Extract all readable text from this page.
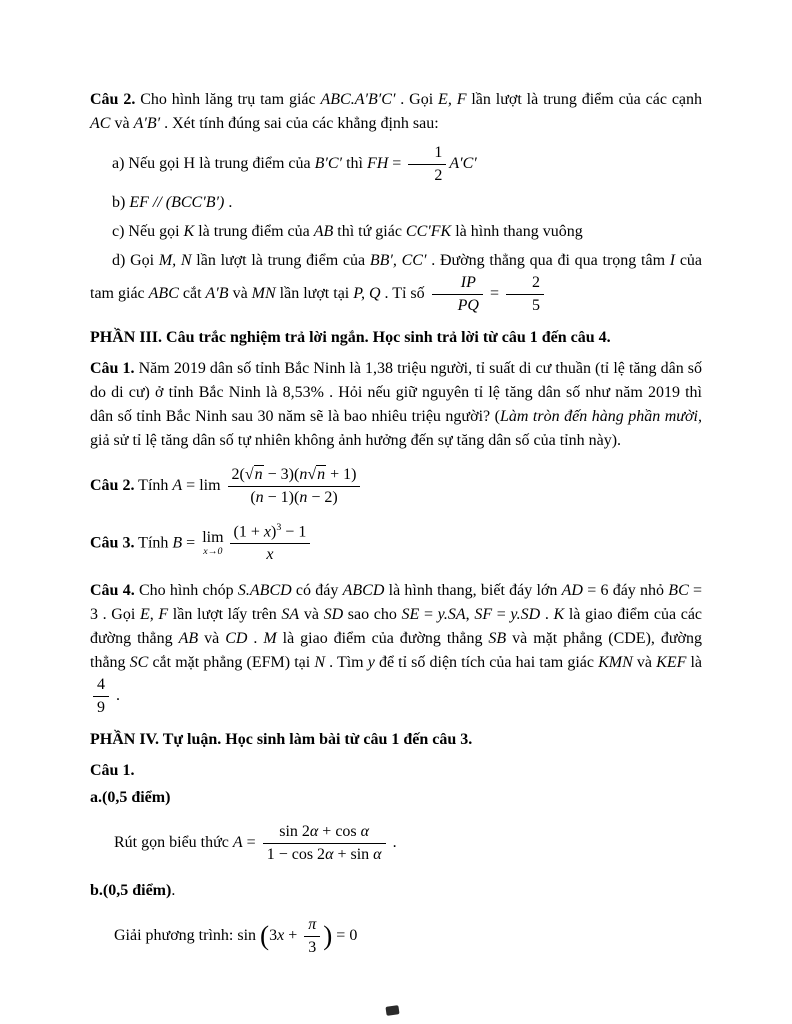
Câu 2. Cho hình lăng trụ tam giác ABC.A′B′C′ . Gọi E, F lần lượt là trung điểm của các cạnh AC và A′B′ . Xét tính đúng sai của các khẳng định sau:

a) Nếu gọi H là trung điểm của B′C′ thì FH = $\frac{1}{2} A'C'$

b) EF // (BCC′B′) .

c) Nếu gọi K là trung điểm của AB thì tứ giác CC′FK là hình thang vuông

d) Gọi M, N lần lượt là trung điểm của BB′, CC′ . Đường thẳng qua đi qua trọng tâm I của tam giác ABC cắt A′B và MN lần lượt tại P, Q . Tỉ số $\frac{IP}{PQ} = \frac{2}{5}$

PHẦN III. Câu trắc nghiệm trả lời ngắn. Học sinh trả lời từ câu 1 đến câu 4.

Câu 1. Năm 2019 dân số tỉnh Bắc Ninh là 1,38 triệu người, tỉ suất di cư thuần (tỉ lệ tăng dân số do di cư) ở tỉnh Bắc Ninh là 8,53% . Hỏi nếu giữ nguyên tỉ lệ tăng dân số như năm 2019 thì dân số tỉnh Bắc Ninh sau 30 năm sẽ là bao nhiêu triệu người? (Làm tròn đến hàng phần mười, giả sử tỉ lệ tăng dân số tự nhiên không ảnh hưởng đến sự tăng dân số của tỉnh này).

Câu 2. Tính $A = \lim \frac{2(√n - 3)(n√n + 1)}{(n - 1)(n - 2)}$

Câu 3. Tính B = lim
$x\to 0 \frac{(1 + x)^3 - 1}{x}$

Câu 4. Cho hình chóp S.ABCD có đáy ABCD là hình thang, biết đáy lớn AD = 6 đáy nhỏ BC = 3 . Gọi E, F lần lượt lấy trên SA và SD sao cho SE = y.SA, SF = y.SD . K là giao điểm của các đường thẳng AB và CD . M là giao điểm của đường thẳng SB và mặt phẳng (CDE), đường thẳng SC cắt mặt phẳng (EFM) tại N . Tìm y để tỉ số diện tích của hai tam giác KMN và KEF là
$\frac{4}{9}$ .

PHẦN IV. Tự luận. Học sinh làm bài từ câu 1 đến câu 3.

Câu 1.

a.(0,5 điểm)

Rút gọn biểu thức $A = \frac{\text{sin 2α + cos α}}{\text{1 − cos 2α + sin α}}$ .

b.(0,5 điểm).

Giải phương trình: $\sin (3x + \frac{\pi}{3}$ ) = 0
